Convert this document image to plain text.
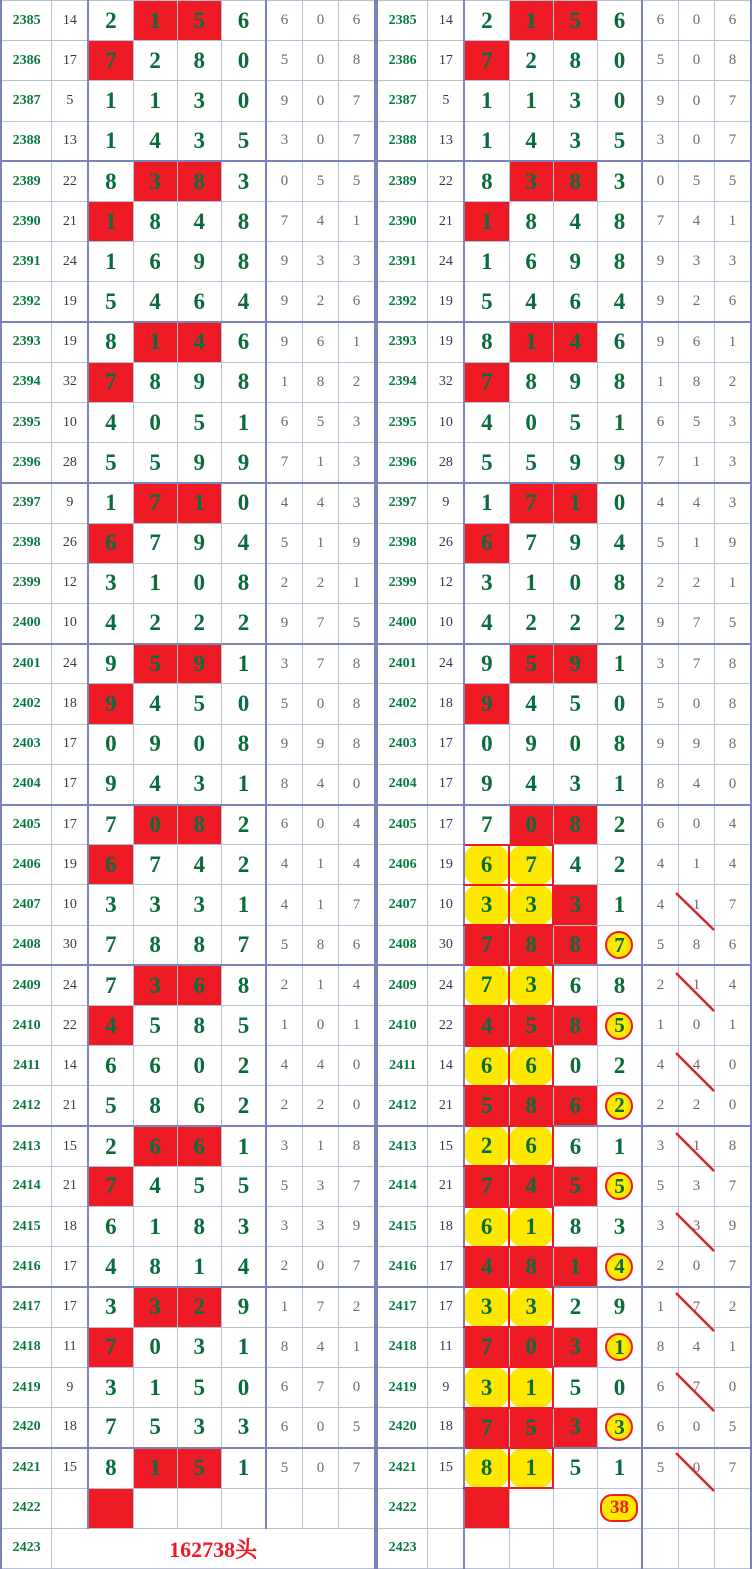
2385	14	2	1	5	6	6	0	6
2386	17	7	2	8	0	5	0	8
2387	5	1	1	3	0	9	0	7
2388	13	1	4	3	5	3	0	7
2389	22	8	3	8	3	0	5	5
2390	21	1	8	4	8	7	4	1
2391	24	1	6	9	8	9	3	3
2392	19	5	4	6	4	9	2	6
2393	19	8	1	4	6	9	6	1
2394	32	7	8	9	8	1	8	2
2395	10	4	0	5	1	6	5	3
2396	28	5	5	9	9	7	1	3
2397	9	1	7	1	0	4	4	3
2398	26	6	7	9	4	5	1	9
2399	12	3	1	0	8	2	2	1
2400	10	4	2	2	2	9	7	5
2401	24	9	5	9	1	3	7	8
2402	18	9	4	5	0	5	0	8
2403	17	0	9	0	8	9	9	8
2404	17	9	4	3	1	8	4	0
2405	17	7	0	8	2	6	0	4
2406	19	6	7	4	2	4	1	4
2407	10	3	3	3	1	4	1	7
2408	30	7	8	8	7	5	8	6
2409	24	7	3	6	8	2	1	4
2410	22	4	5	8	5	1	0	1
2411	14	6	6	0	2	4	4	0
2412	21	5	8	6	2	2	2	0
2413	15	2	6	6	1	3	1	8
2414	21	7	4	5	5	5	3	7
2415	18	6	1	8	3	3	3	9
2416	17	4	8	1	4	2	0	7
2417	17	3	3	2	9	1	7	2
2418	11	7	0	3	1	8	4	1
2419	9	3	1	5	0	6	7	0
2420	18	7	5	3	3	6	0	5
2421	15	8	1	5	1	5	0	7
2422		

2423	162738头							
2385	14	2	1	5	6	6	0	6
2386	17	7	2	8	0	5	0	8
2387	5	1	1	3	0	9	0	7
2388	13	1	4	3	5	3	0	7
2389	22	8	3	8	3	0	5	5
2390	21	1	8	4	8	7	4	1
2391	24	1	6	9	8	9	3	3
2392	19	5	4	6	4	9	2	6
2393	19	8	1	4	6	9	6	1
2394	32	7	8	9	8	1	8	2
2395	10	4	0	5	1	6	5	3
2396	28	5	5	9	9	7	1	3
2397	9	1	7	1	0	4	4	3
2398	26	6	7	9	4	5	1	9
2399	12	3	1	0	8	2	2	1
2400	10	4	2	2	2	9	7	5
2401	24	9	5	9	1	3	7	8
2402	18	9	4	5	0	5	0	8
2403	17	0	9	0	8	9	9	8
2404	17	9	4	3	1	8	4	0
2405	17	7	0	8	2	6	0	4
2406	19	6	7	4	2	4	1	4
2407	10	3	3	3	1	4	1	7
2408	30	7	8	8	7	5	8	6
2409	24	7	3	6	8	2	1	4
2410	22	4	5	8	5	1	0	1
2411	14	6	6	0	2	4	4	0
2412	21	5	8	6	2	2	2	0
2413	15	2	6	6	1	3	1	8
2414	21	7	4	5	5	5	3	7
2415	18	6	1	8	3	3	3	9
2416	17	4	8	1	4	2	0	7
2417	17	3	3	2	9	1	7	2
2418	11	7	0	3	1	8	4	1
2419	9	3	1	5	0	6	7	0
2420	18	7	5	3	3	6	0	5
2421	15	8	1	5	1	5	0	7
2422					38			

2423		
